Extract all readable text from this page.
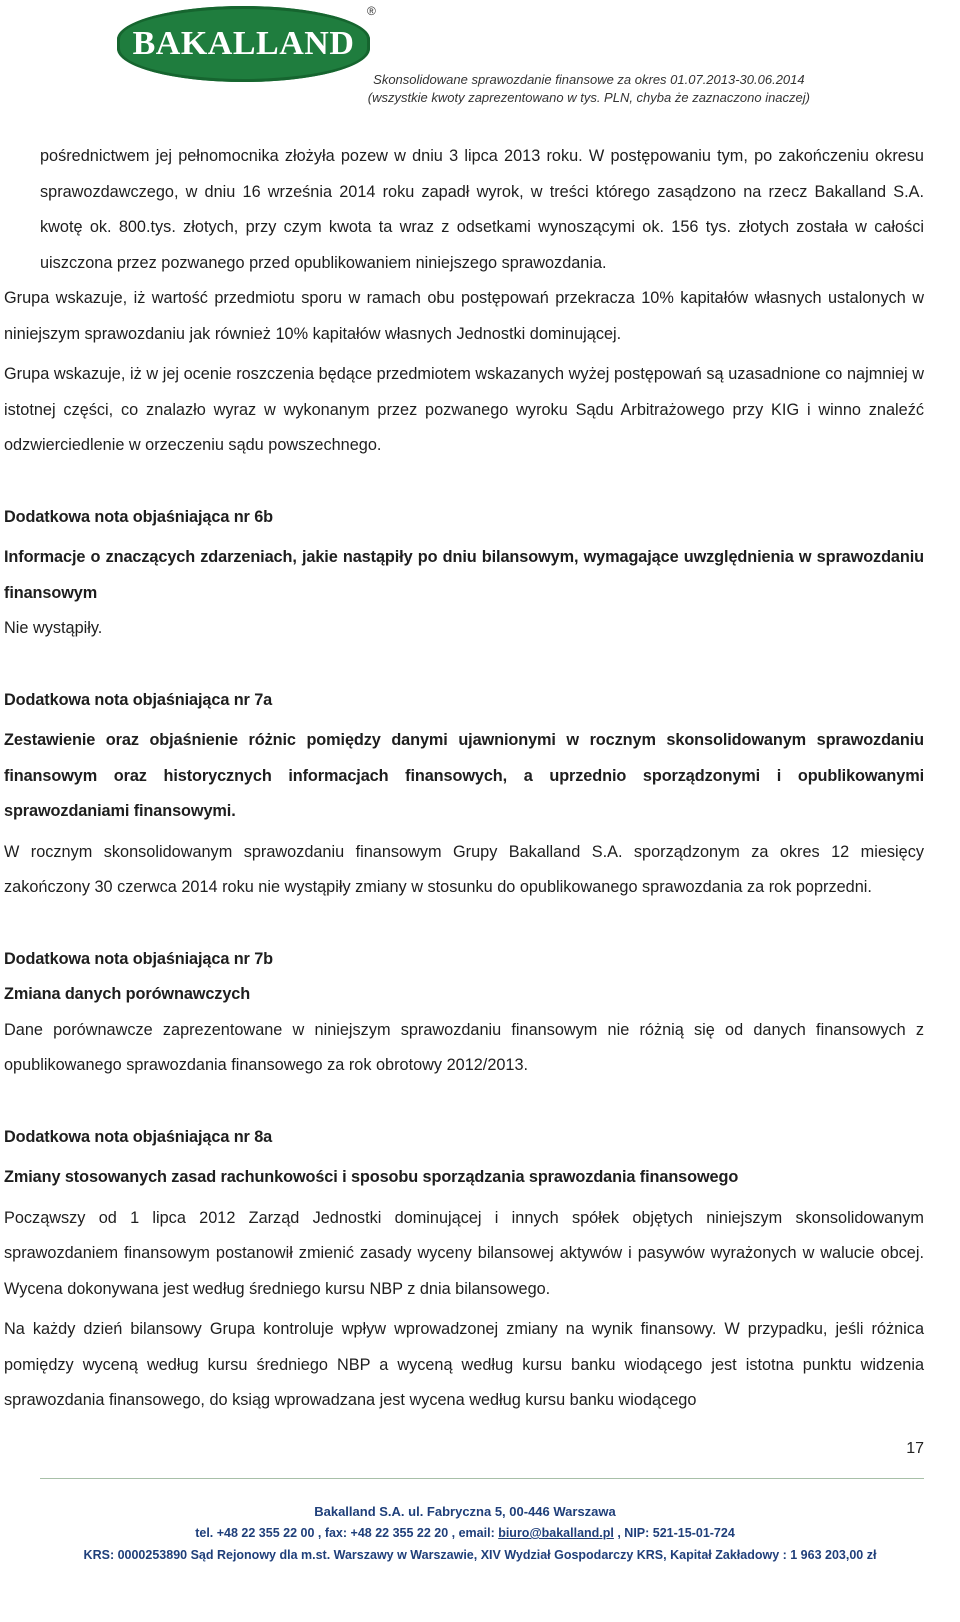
BAKALLAND
®
Skonsolidowane sprawozdanie finansowe za okres 01.07.2013-30.06.2014
(wszystkie kwoty zaprezentowano w tys. PLN, chyba że zaznaczono inaczej)

pośrednictwem jej pełnomocnika złożyła pozew w dniu 3 lipca 2013 roku. W postępowaniu tym, po zakończeniu okresu sprawozdawczego, w dniu 16 września 2014 roku zapadł wyrok, w treści którego zasądzono na rzecz Bakalland S.A. kwotę ok. 800.tys. złotych, przy czym kwota ta wraz z odsetkami wynoszącymi ok. 156 tys. złotych została w całości uiszczona przez pozwanego przed opublikowaniem niniejszego sprawozdania.

Grupa wskazuje, iż wartość przedmiotu sporu w ramach obu postępowań przekracza 10% kapitałów własnych ustalonych w niniejszym sprawozdaniu jak również 10% kapitałów własnych Jednostki dominującej.

Grupa wskazuje, iż w jej ocenie roszczenia będące przedmiotem wskazanych wyżej postępowań są uzasadnione co najmniej w istotnej części, co znalazło wyraz w wykonanym przez pozwanego wyroku Sądu Arbitrażowego przy KIG i winno znaleźć odzwierciedlenie w orzeczeniu sądu powszechnego.

Dodatkowa nota objaśniająca nr 6b

Informacje o znaczących zdarzeniach, jakie nastąpiły po dniu bilansowym, wymagające uwzględnienia w sprawozdaniu finansowym

Nie wystąpiły.

Dodatkowa nota objaśniająca nr 7a

Zestawienie oraz objaśnienie różnic pomiędzy danymi ujawnionymi w rocznym skonsolidowanym sprawozdaniu finansowym oraz historycznych informacjach finansowych, a uprzednio sporządzonymi i opublikowanymi sprawozdaniami finansowymi.

W rocznym skonsolidowanym sprawozdaniu finansowym Grupy Bakalland S.A. sporządzonym za okres 12 miesięcy zakończony 30 czerwca 2014 roku nie wystąpiły zmiany w stosunku do opublikowanego sprawozdania za rok poprzedni.

Dodatkowa nota objaśniająca nr 7b

Zmiana danych porównawczych

Dane porównawcze zaprezentowane w niniejszym sprawozdaniu finansowym nie różnią się od danych finansowych z opublikowanego sprawozdania finansowego za rok obrotowy 2012/2013.

Dodatkowa nota objaśniająca nr 8a

Zmiany stosowanych zasad rachunkowości i sposobu sporządzania sprawozdania finansowego

Począwszy od 1 lipca 2012 Zarząd Jednostki dominującej i innych spółek objętych niniejszym skonsolidowanym sprawozdaniem finansowym postanowił zmienić zasady wyceny bilansowej aktywów i pasywów wyrażonych w walucie obcej. Wycena dokonywana jest według średniego kursu NBP z dnia bilansowego.

Na każdy dzień bilansowy Grupa kontroluje wpływ wprowadzonej zmiany na wynik finansowy. W przypadku, jeśli różnica pomiędzy wyceną według kursu średniego NBP a wyceną według kursu banku wiodącego jest istotna punktu widzenia sprawozdania finansowego, do ksiąg wprowadzana jest wycena według kursu banku wiodącego

17
Bakalland S.A. ul. Fabryczna 5, 00-446 Warszawa
tel. +48 22 355 22 00 , fax: +48 22 355 22 20 , email: biuro@bakalland.pl , NIP: 521-15-01-724
KRS: 0000253890 Sąd Rejonowy dla m.st. Warszawy w Warszawie, XIV Wydział Gospodarczy KRS, Kapitał Zakładowy : 1 963 203,00 zł
